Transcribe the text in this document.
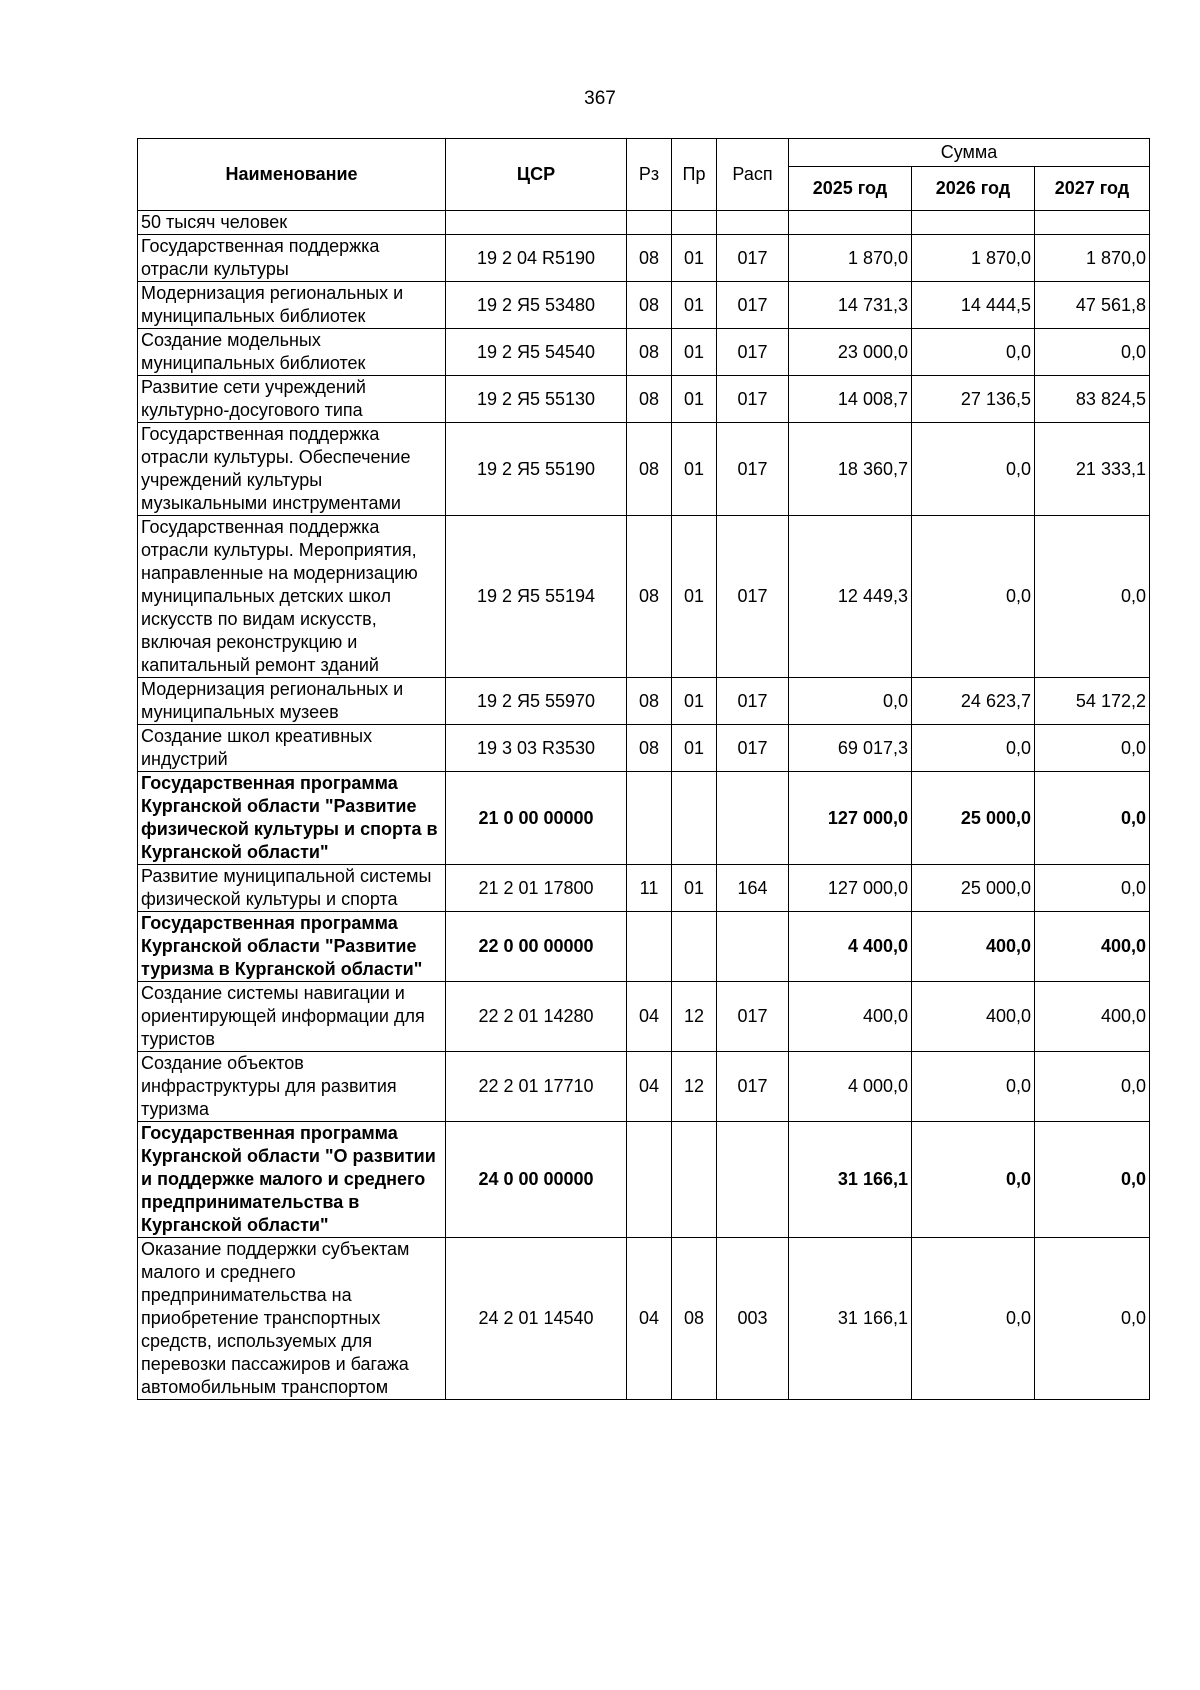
367
Наименование	ЦСР	Рз	Пр	Расп	Сумма		
					2025 год	2026 год	2027 год
50 тысяч человек							
Государственная поддержка отрасли культуры	19 2 04 R5190	08	01	017	1 870,0	1 870,0	1 870,0
Модернизация региональных и муниципальных библиотек	19 2 Я5 53480	08	01	017	14 731,3	14 444,5	47 561,8
Создание модельных муниципальных библиотек	19 2 Я5 54540	08	01	017	23 000,0	0,0	0,0
Развитие сети учреждений культурно-досугового типа	19 2 Я5 55130	08	01	017	14 008,7	27 136,5	83 824,5
Государственная поддержка отрасли культуры. Обеспечение учреждений культуры музыкальными инструментами	19 2 Я5 55190	08	01	017	18 360,7	0,0	21 333,1
Государственная поддержка отрасли культуры. Мероприятия, направленные на модернизацию муниципальных детских школ искусств по видам искусств, включая реконструкцию и капитальный ремонт зданий	19 2 Я5 55194	08	01	017	12 449,3	0,0	0,0
Модернизация региональных и муниципальных музеев	19 2 Я5 55970	08	01	017	0,0	24 623,7	54 172,2
Создание школ креативных индустрий	19 3 03 R3530	08	01	017	69 017,3	0,0	0,0
Государственная программа Курганской области "Развитие физической культуры и спорта в Курганской области"	21 0 00 00000				127 000,0	25 000,0	0,0
Развитие муниципальной системы физической культуры и спорта	21 2 01 17800	11	01	164	127 000,0	25 000,0	0,0
Государственная программа Курганской области "Развитие туризма в Курганской области"	22 0 00 00000				4 400,0	400,0	400,0
Создание системы навигации и ориентирующей информации для туристов	22 2 01 14280	04	12	017	400,0	400,0	400,0
Создание объектов инфраструктуры для развития туризма	22 2 01 17710	04	12	017	4 000,0	0,0	0,0
Государственная программа Курганской области "О развитии и поддержке малого и среднего предпринимательства в Курганской области"	24 0 00 00000				31 166,1	0,0	0,0
Оказание поддержки субъектам малого и среднего предпринимательства на приобретение транспортных средств, используемых для перевозки пассажиров и багажа автомобильным транспортом	24 2 01 14540	04	08	003	31 166,1	0,0	0,0
